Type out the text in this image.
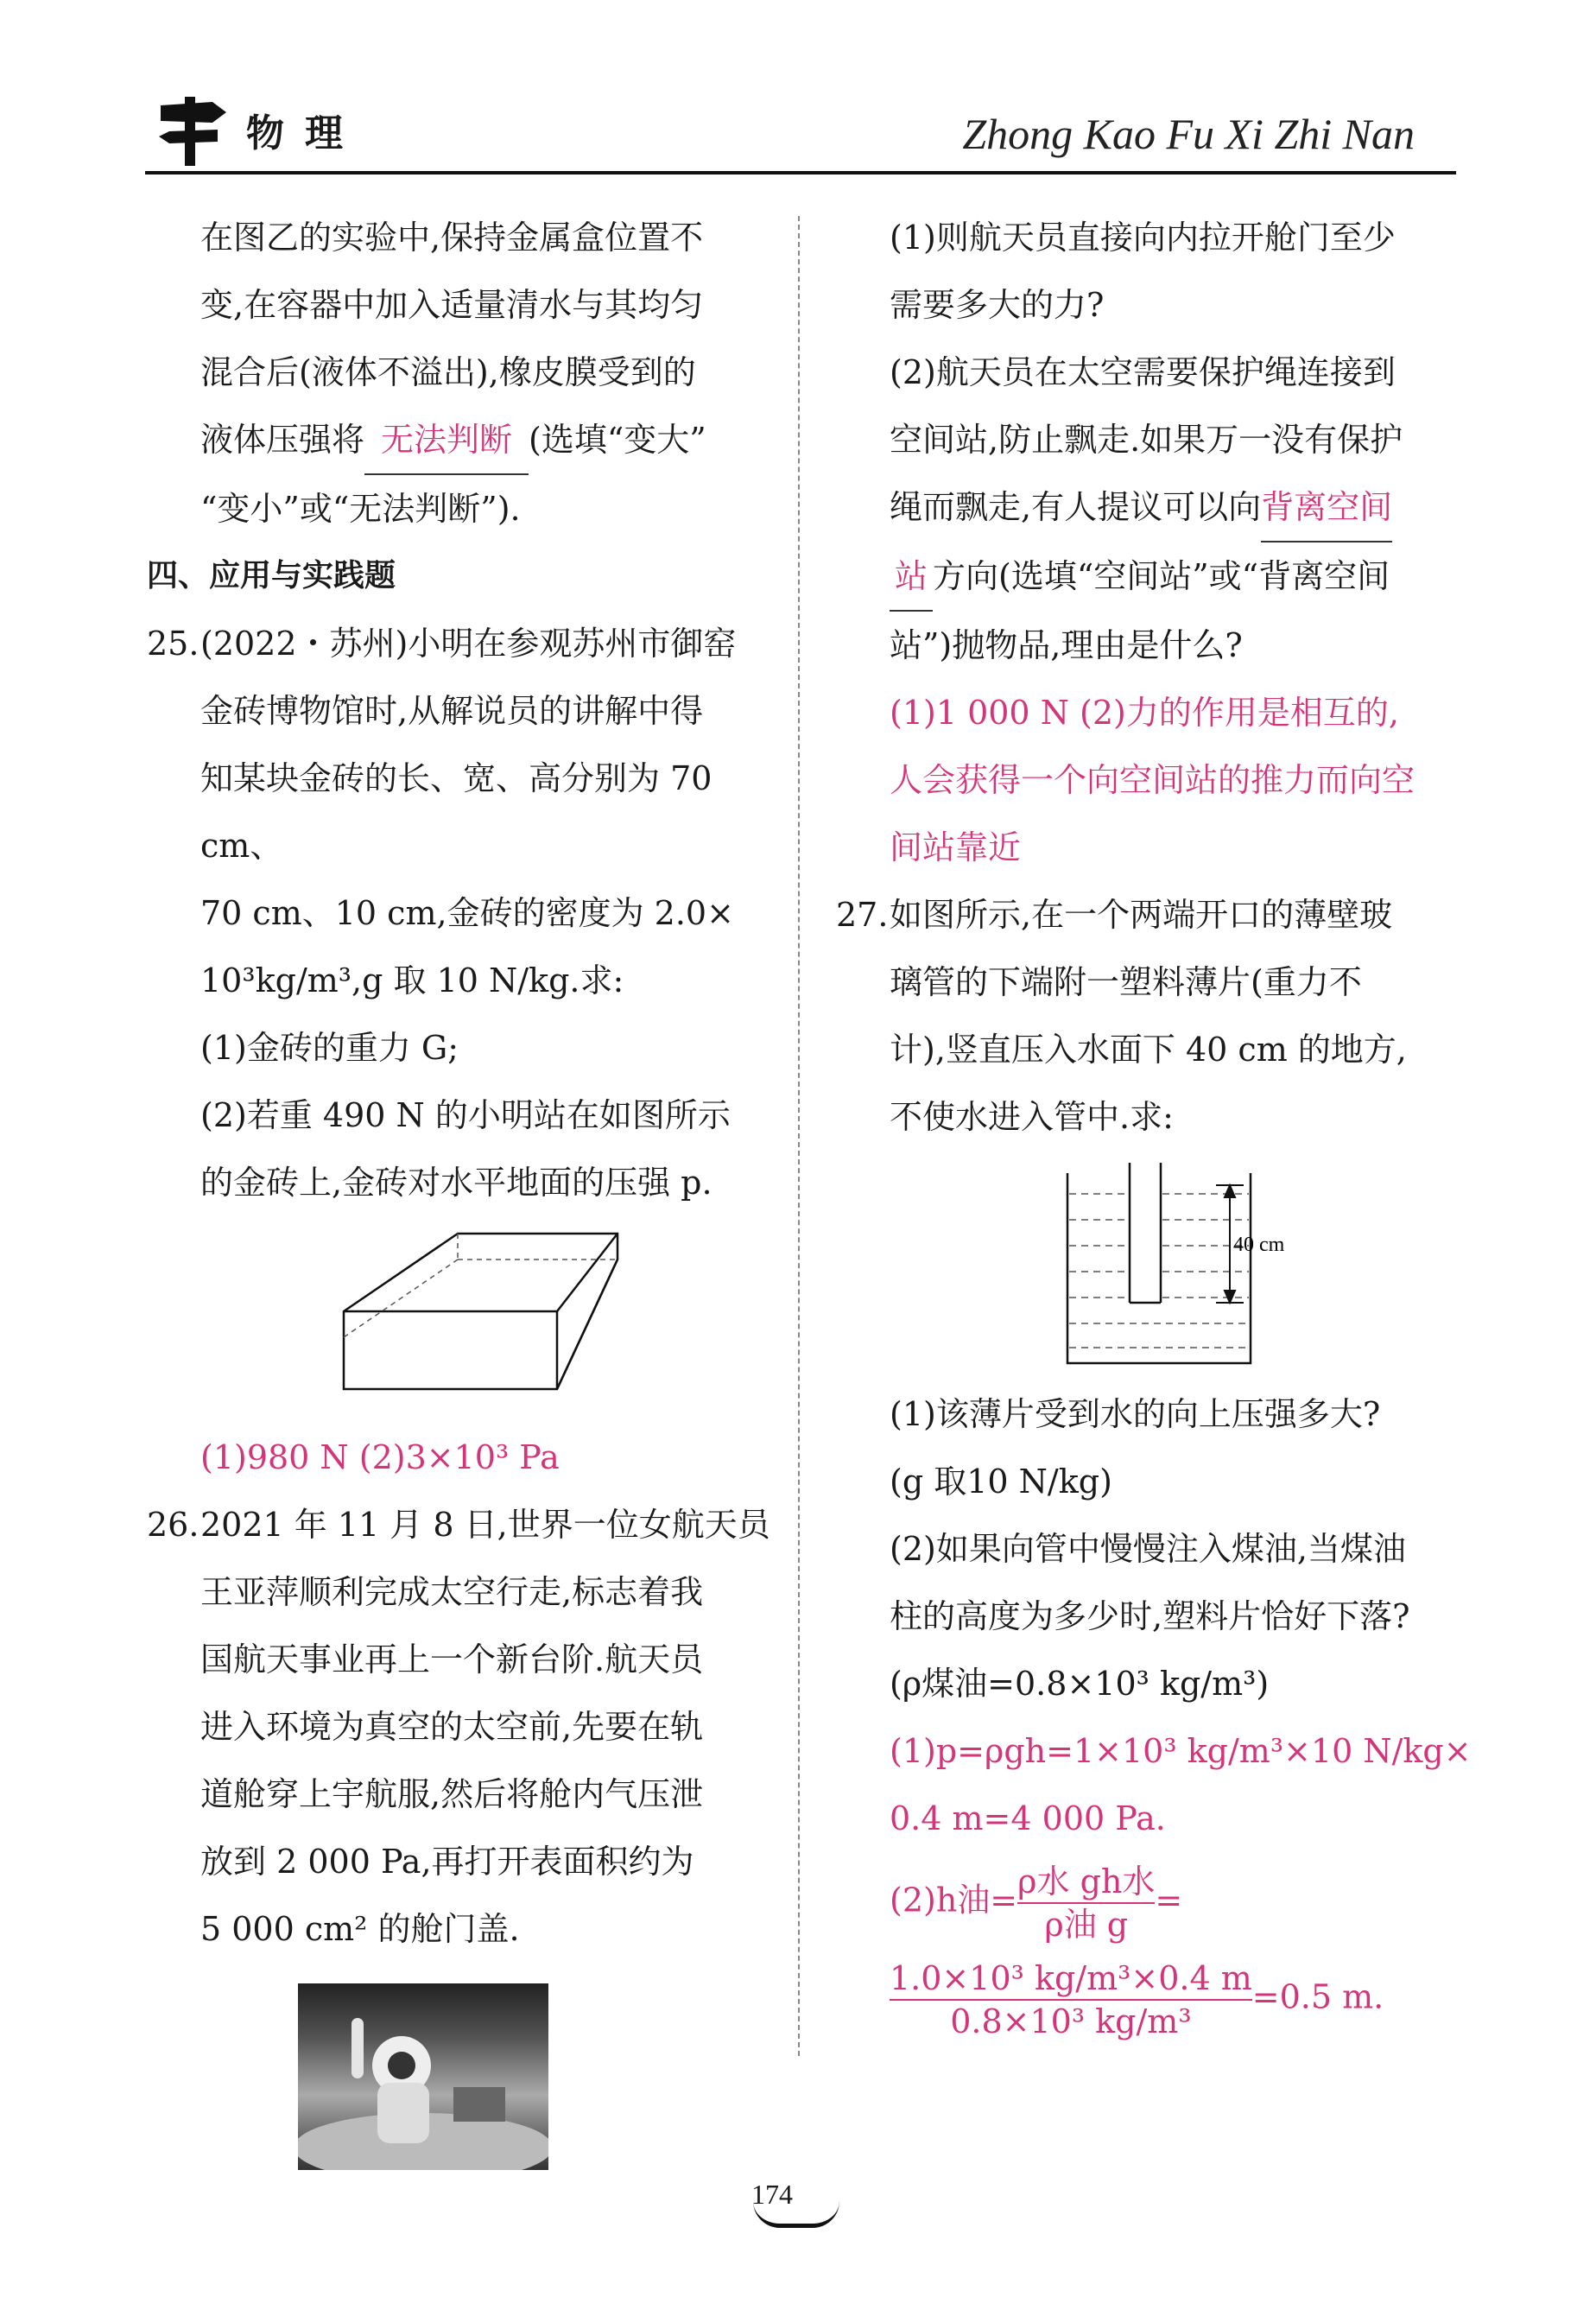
物理	Zhong Kao Fu Xi Zhi Nan

在图乙的实验中,保持金属盒位置不

变,在容器中加入适量清水与其均匀

混合后(液体不溢出),橡皮膜受到的

液体压强将 无法判断 (选填“变大”

“变小”或“无法判断”).

四、应用与实践题

25.(2022・苏州)小明在参观苏州市御窑

金砖博物馆时,从解说员的讲解中得

知某块金砖的长、宽、高分别为 70 cm、

70 cm、10 cm,金砖的密度为 2.0×

10³kg/m³,g 取 10 N/kg.求:

(1)金砖的重力 G;

(2)若重 490 N 的小明站在如图所示

的金砖上,金砖对水平地面的压强 p.

(1)980 N (2)3×10³ Pa

26.2021 年 11 月 8 日,世界一位女航天员

王亚萍顺利完成太空行走,标志着我

国航天事业再上一个新台阶.航天员

进入环境为真空的太空前,先要在轨

道舱穿上宇航服,然后将舱内气压泄

放到 2 000 Pa,再打开表面积约为

5 000 cm² 的舱门盖.

(1)则航天员直接向内拉开舱门至少

需要多大的力?

(2)航天员在太空需要保护绳连接到

空间站,防止飘走.如果万一没有保护

绳而飘走,有人提议可以向背离空间

站 方向(选填“空间站”或“背离空间

站”)抛物品,理由是什么?

(1)1 000 N (2)力的作用是相互的,

人会获得一个向空间站的推力而向空

间站靠近

27.如图所示,在一个两端开口的薄壁玻

璃管的下端附一塑料薄片(重力不

计),竖直压入水面下 40 cm 的地方,

不使水进入管中.求:

40 cm

(1)该薄片受到水的向上压强多大?

(g 取10 N/kg)

(2)如果向管中慢慢注入煤油,当煤油

柱的高度为多少时,塑料片恰好下落?

(ρ煤油=0.8×10³ kg/m³)

(1)p=ρgh=1×10³ kg/m³×10 N/kg×

0.4 m=4 000 Pa.

(2)h油= $\frac{\text{ρ水 gh水}}{\text{ρ油 g}}$ =

$\frac{\text{1.0×10³ kg/m³×0.4 m}}{\text{0.8×10³ kg/m³}} =0.5$ m.

174
